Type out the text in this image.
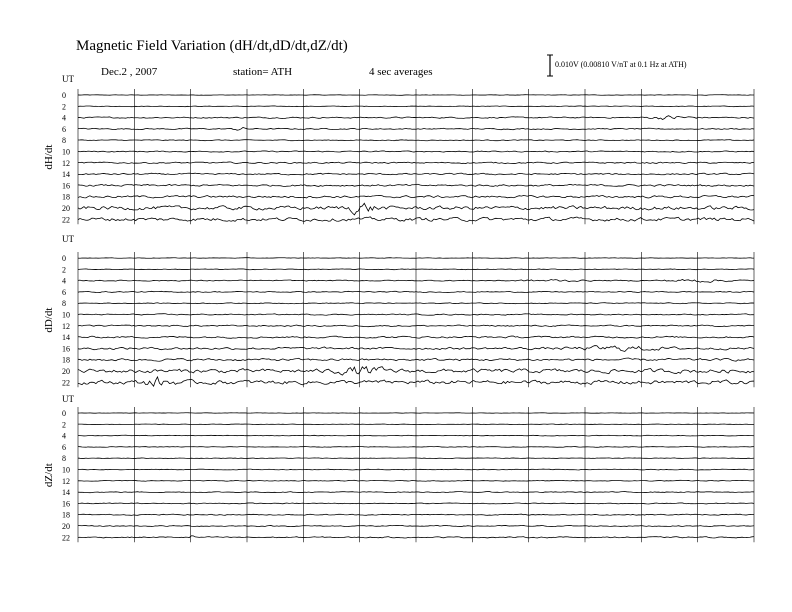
Magnetic Field Variation (dH/dt,dD/dt,dZ/dt)
Dec.2 , 2007	station= ATH	4 sec averages
0.010V (0.00810 V/nT at 0.1 Hz at ATH)
UT
dH/dt
0
2
4
6
8
10
12
14
16
18
20
22
UT
dD/dt
0
2
4
6
8
10
12
14
16
18
20
22
UT
dZ/dt
0
2
4
6
8
10
12
14
16
18
20
22
